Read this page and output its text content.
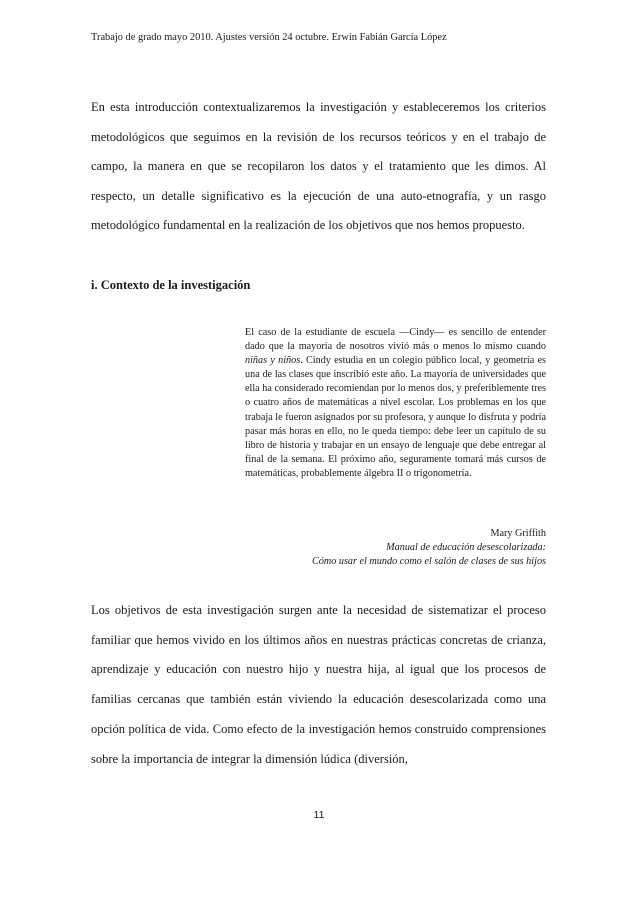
Trabajo de grado mayo 2010. Ajustes versión 24 octubre. Erwin Fabián García López

En esta introducción contextualizaremos la investigación y estableceremos los criterios metodológicos que seguimos en la revisión de los recursos teóricos y en el trabajo de campo, la manera en que se recopilaron los datos y el tratamiento que les dimos. Al respecto, un detalle significativo es la ejecución de una auto-etnografía, y un rasgo metodológico fundamental en la realización de los objetivos que nos hemos propuesto.

i. Contexto de la investigación

El caso de la estudiante de escuela —Cindy— es sencillo de entender dado que la mayoría de nosotros vivió más o menos lo mismo cuando niñas y niños. Cindy estudia en un colegio público local, y geometría es una de las clases que inscribió este año. La mayoría de universidades que ella ha considerado recomiendan por lo menos dos, y preferiblemente tres o cuatro años de matemáticas a nivel escolar. Los problemas en los que trabaja le fueron asignados por su profesora, y aunque lo disfruta y podría pasar más horas en ello, no le queda tiempo: debe leer un capítulo de su libro de historia y trabajar en un ensayo de lenguaje que debe entregar al final de la semana. El próximo año, seguramente tomará más cursos de matemáticas, probablemente álgebra II o trigonometría.

Mary Griffith
Manual de educación desescolarizada:
Cómo usar el mundo como el salón de clases de sus hijos

Los objetivos de esta investigación surgen ante la necesidad de sistematizar el proceso familiar que hemos vivido en los últimos años en nuestras prácticas concretas de crianza, aprendizaje y educación con nuestro hijo y nuestra hija, al igual que los procesos de familias cercanas que también están viviendo la educación desescolarizada como una opción política de vida. Como efecto de la investigación hemos construido comprensiones sobre la importancia de integrar la dimensión lúdica (diversión,

11
